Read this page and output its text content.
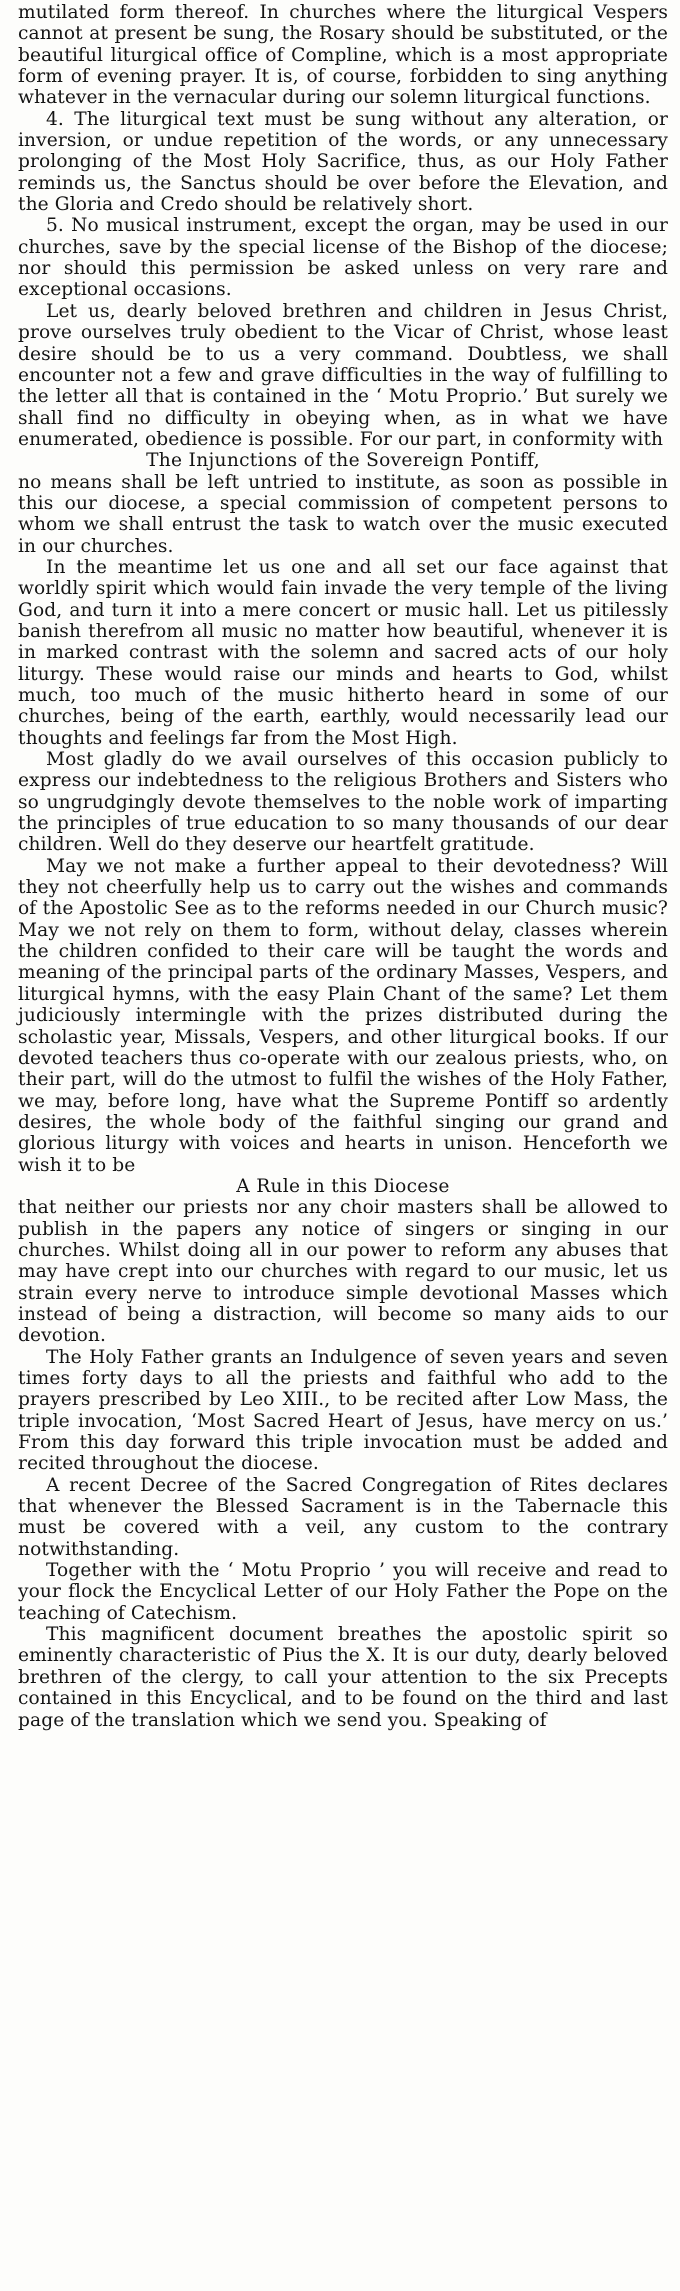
mutilated form thereof. In churches where the liturgical Vespers cannot at present be sung, the Rosary should be substituted, or the beautiful liturgical office of Compline, which is a most appropriate form of evening prayer. It is, of course, forbidden to sing anything whatever in the vernacular during our solemn liturgical functions.

4. The liturgical text must be sung without any alteration, or inversion, or undue repetition of the words, or any unnecessary prolonging of the Most Holy Sacrifice, thus, as our Holy Father reminds us, the Sanctus should be over before the Elevation, and the Gloria and Credo should be relatively short.

5. No musical instrument, except the organ, may be used in our churches, save by the special license of the Bishop of the diocese; nor should this permission be asked unless on very rare and exceptional occasions.

Let us, dearly beloved brethren and children in Jesus Christ, prove ourselves truly obedient to the Vicar of Christ, whose least desire should be to us a very command. Doubtless, we shall encounter not a few and grave difficulties in the way of fulfilling to the letter all that is contained in the ‘ Motu Proprio.’ But surely we shall find no difficulty in obeying when, as in what we have enumerated, obedience is possible. For our part, in conformity with

The Injunctions of the Sovereign Pontiff,

no means shall be left untried to institute, as soon as possible in this our diocese, a special commission of competent persons to whom we shall entrust the task to watch over the music executed in our churches.

In the meantime let us one and all set our face against that worldly spirit which would fain invade the very temple of the living God, and turn it into a mere concert or music hall. Let us pitilessly banish therefrom all music no matter how beautiful, whenever it is in marked contrast with the solemn and sacred acts of our holy liturgy. These would raise our minds and hearts to God, whilst much, too much of the music hitherto heard in some of our churches, being of the earth, earthly, would necessarily lead our thoughts and feelings far from the Most High.

Most gladly do we avail ourselves of this occasion publicly to express our indebtedness to the religious Brothers and Sisters who so ungrudgingly devote themselves to the noble work of imparting the principles of true education to so many thousands of our dear children. Well do they deserve our heartfelt gratitude.

May we not make a further appeal to their devotedness? Will they not cheerfully help us to carry out the wishes and commands of the Apostolic See as to the reforms needed in our Church music? May we not rely on them to form, without delay, classes wherein the children confided to their care will be taught the words and meaning of the principal parts of the ordinary Masses, Vespers, and liturgical hymns, with the easy Plain Chant of the same? Let them judiciously intermingle with the prizes distributed during the scholastic year, Missals, Vespers, and other liturgical books. If our devoted teachers thus co-operate with our zealous priests, who, on their part, will do the utmost to fulfil the wishes of the Holy Father, we may, before long, have what the Supreme Pontiff so ardently desires, the whole body of the faithful singing our grand and glorious liturgy with voices and hearts in unison. Henceforth we wish it to be

A Rule in this Diocese

that neither our priests nor any choir masters shall be allowed to publish in the papers any notice of singers or singing in our churches. Whilst doing all in our power to reform any abuses that may have crept into our churches with regard to our music, let us strain every nerve to introduce simple devotional Masses which instead of being a distraction, will become so many aids to our devotion.

The Holy Father grants an Indulgence of seven years and seven times forty days to all the priests and faithful who add to the prayers prescribed by Leo XIII., to be recited after Low Mass, the triple invocation, ‘Most Sacred Heart of Jesus, have mercy on us.’ From this day forward this triple invocation must be added and recited throughout the diocese.

A recent Decree of the Sacred Congregation of Rites declares that whenever the Blessed Sacrament is in the Tabernacle this must be covered with a veil, any custom to the contrary notwithstanding.

Together with the ‘ Motu Proprio ’ you will receive and read to your flock the Encyclical Letter of our Holy Father the Pope on the teaching of Catechism.

This magnificent document breathes the apostolic spirit so eminently characteristic of Pius the X. It is our duty, dearly beloved brethren of the clergy, to call your attention to the six Precepts contained in this Encyclical, and to be found on the third and last page of the translation which we send you. Speaking of
